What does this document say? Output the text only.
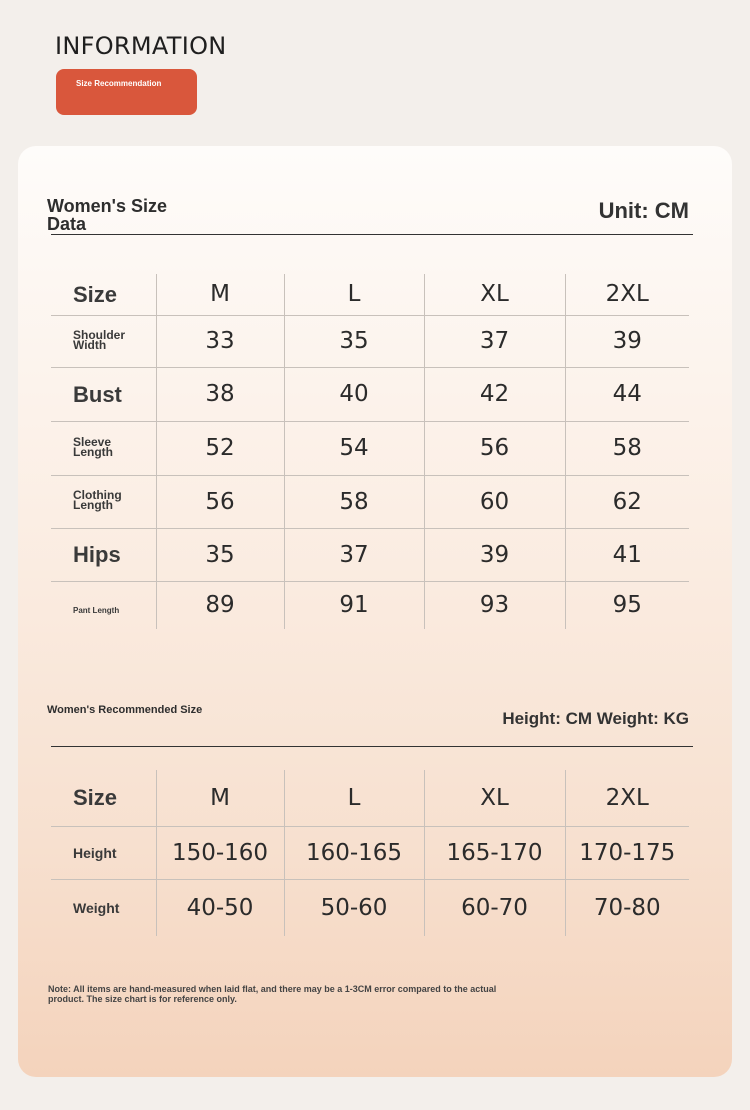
INFORMATION
Size Recommendation
Women's Size Data
Unit: CM
Size	M	L	XL	2XL
Shoulder Width	33	35	37	39
Bust	38	40	42	44
Sleeve Length	52	54	56	58
Clothing Length	56	58	60	62
Hips	35	37	39	41
Pant Length	89	91	93	95
Women's Recommended Size	Height: CM Weight: KG
Size	M	L	XL	2XL
Height	150-160	160-165	165-170	170-175
Weight	40-50	50-60	60-70	70-80
Note: All items are hand-measured when laid flat, and there may be a 1-3CM error compared to the actual product. The size chart is for reference only.
